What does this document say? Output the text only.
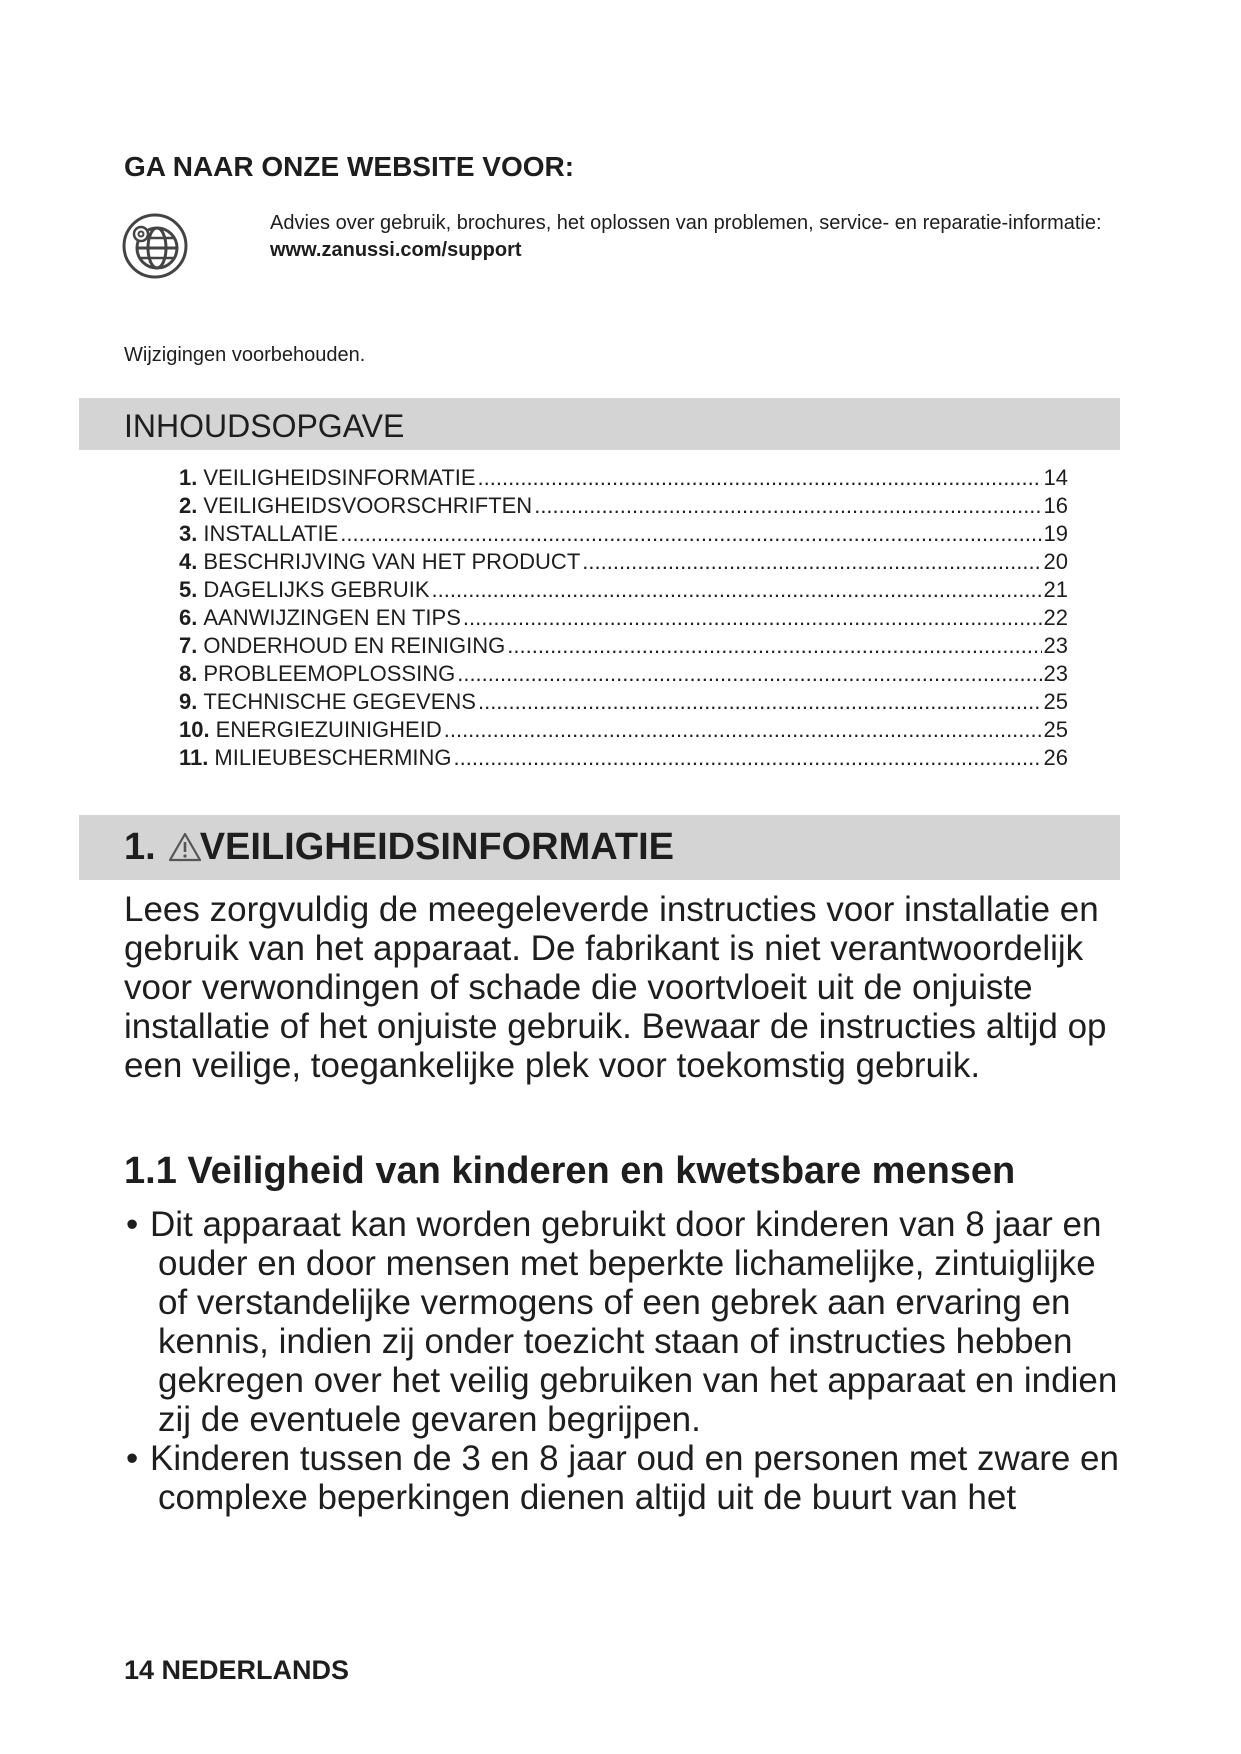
GA NAAR ONZE WEBSITE VOOR:
Advies over gebruik, brochures, het oplossen van problemen, service- en reparatie-informatie:
www.zanussi.com/support
Wijzigingen voorbehouden.
INHOUDSOPGAVE
1. VEILIGHEIDSINFORMATIE .....	14
2. VEILIGHEIDSVOORSCHRIFTEN .....	16
3. INSTALLATIE .....	19
4. BESCHRIJVING VAN HET PRODUCT .....	20
5. DAGELIJKS GEBRUIK .....	21
6. AANWIJZINGEN EN TIPS .....	22
7. ONDERHOUD EN REINIGING .....	23
8. PROBLEEMOPLOSSING .....	23
9. TECHNISCHE GEGEVENS .....	25
10. ENERGIEZUINIGHEID .....	25
11. MILIEUBESCHERMING .....	26
1. VEILIGHEIDSINFORMATIE

Lees zorgvuldig de meegeleverde instructies voor installatie en gebruik van het apparaat. De fabrikant is niet verantwoordelijk voor verwondingen of schade die voortvloeit uit de onjuiste installatie of het onjuiste gebruik. Bewaar de instructies altijd op een veilige, toegankelijke plek voor toekomstig gebruik.

1.1 Veiligheid van kinderen en kwetsbare mensen
• Dit apparaat kan worden gebruikt door kinderen van 8 jaar en ouder en door mensen met beperkte lichamelijke, zintuiglijke of verstandelijke vermogens of een gebrek aan ervaring en kennis, indien zij onder toezicht staan of instructies hebben gekregen over het veilig gebruiken van het apparaat en indien zij de eventuele gevaren begrijpen.
• Kinderen tussen de 3 en 8 jaar oud en personen met zware en complexe beperkingen dienen altijd uit de buurt van het
14 NEDERLANDS
